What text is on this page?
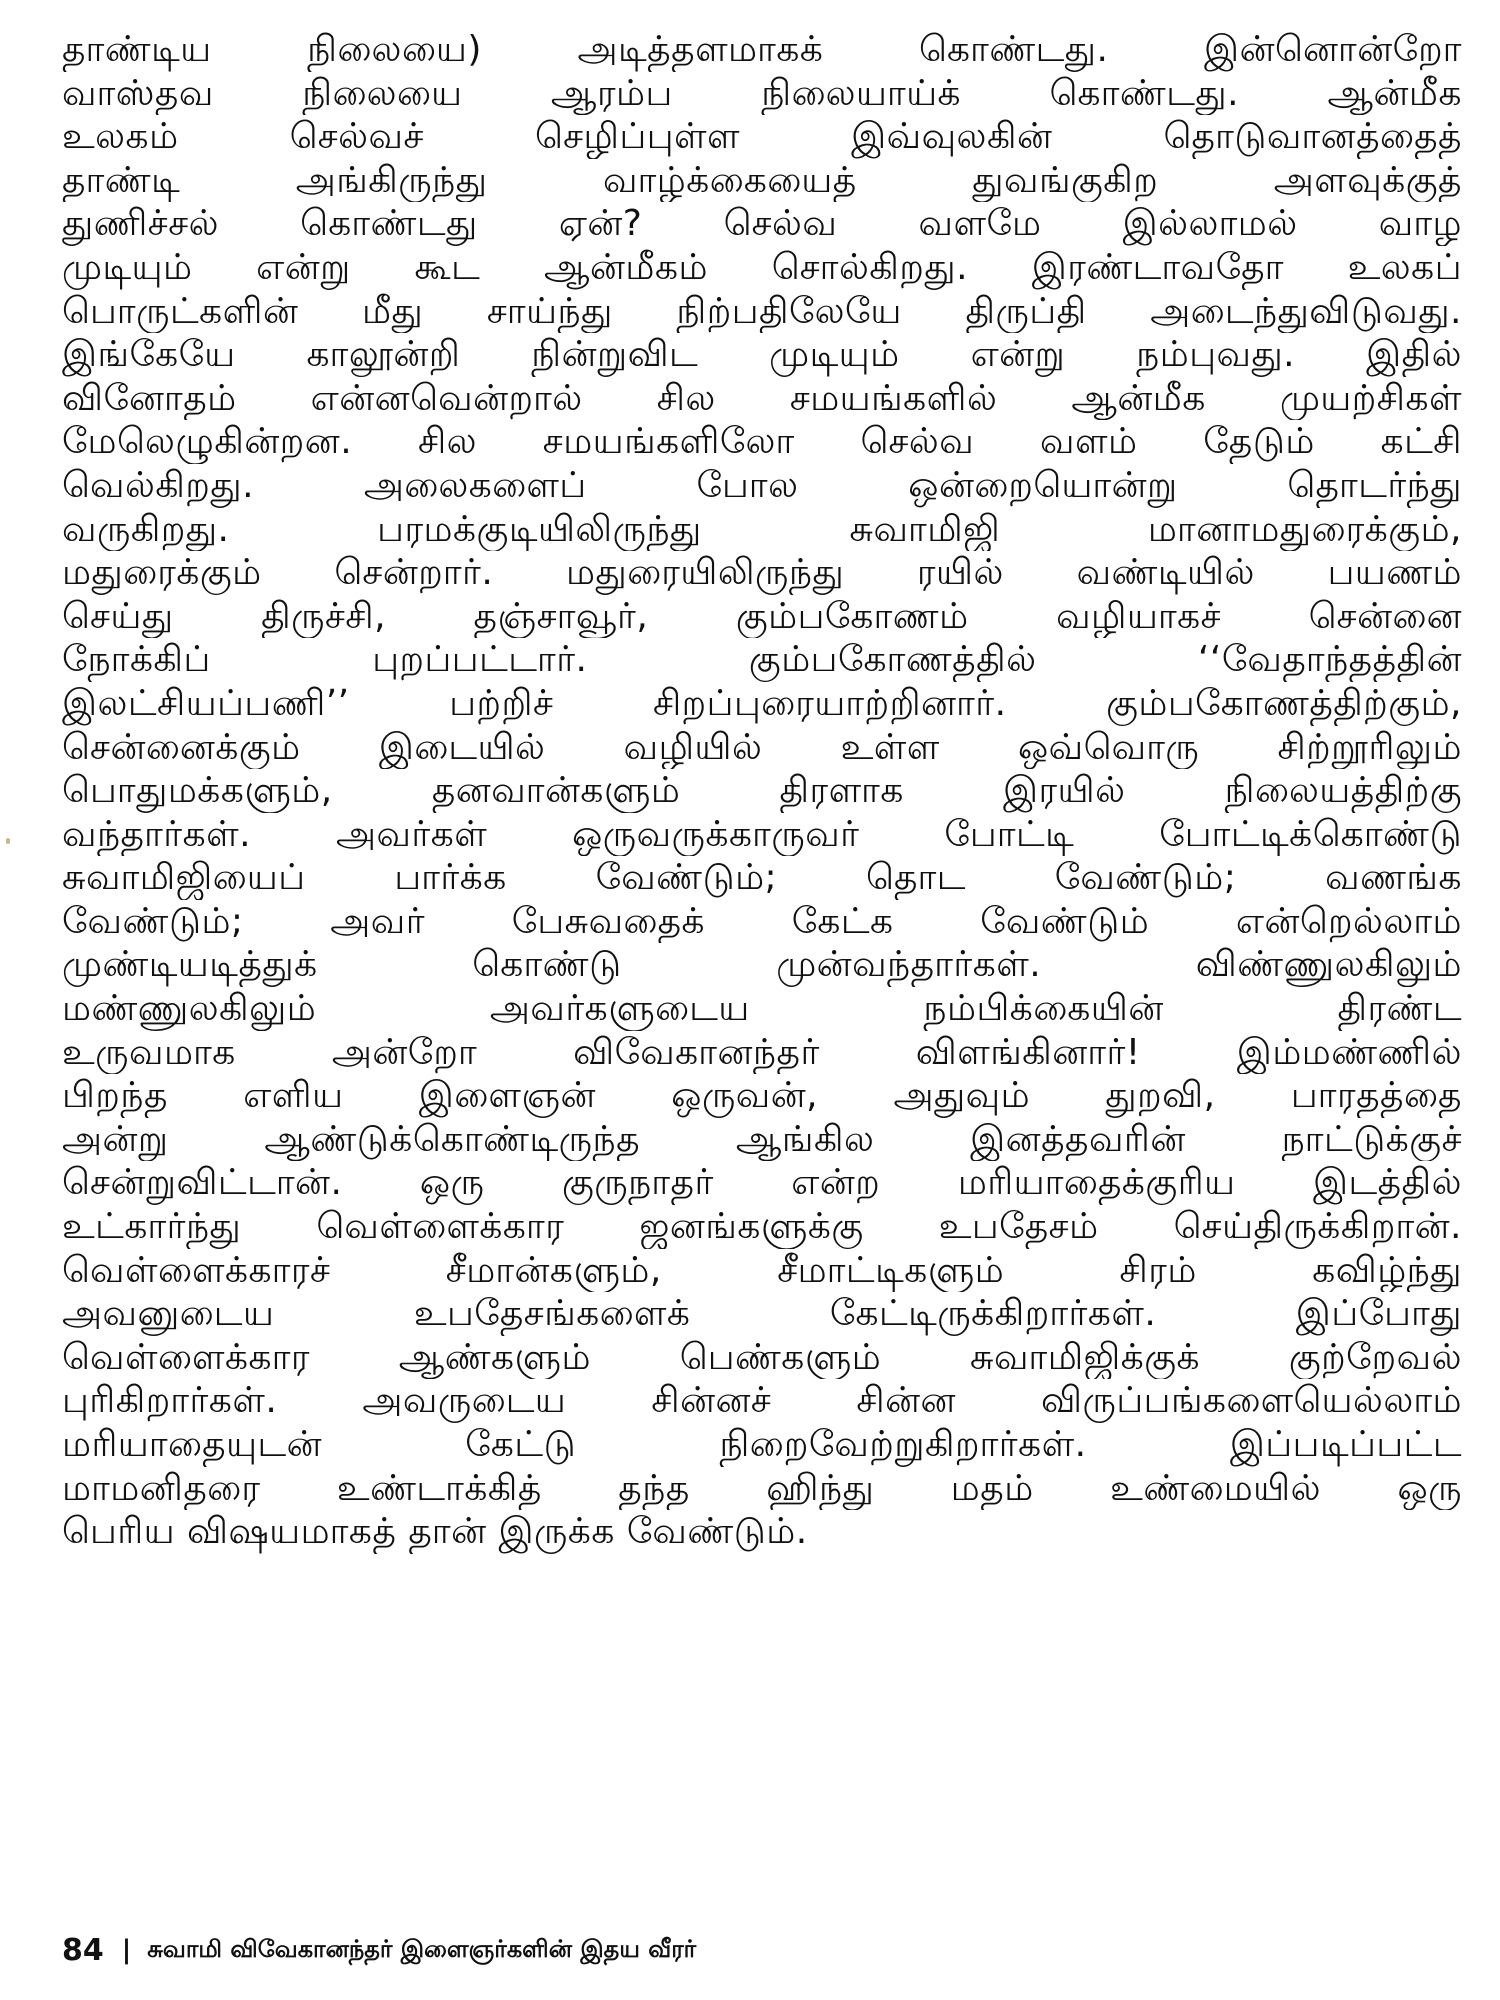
தாண்டிய நிலையை) அடித்தளமாகக் கொண்டது. இன்னொன்றோ
வாஸ்தவ நிலையை ஆரம்ப நிலையாய்க் கொண்டது. ஆன்மீக
உலகம் செல்வச் செழிப்புள்ள இவ்வுலகின் தொடுவானத்தைத்
தாண்டி அங்கிருந்து வாழ்க்கையைத் துவங்குகிற அளவுக்குத்
துணிச்சல் கொண்டது ஏன்? செல்வ வளமே இல்லாமல் வாழ
முடியும் என்று கூட ஆன்மீகம் சொல்கிறது. இரண்டாவதோ உலகப்
பொருட்களின் மீது சாய்ந்து நிற்பதிலேயே திருப்தி அடைந்துவிடுவது.
இங்கேயே காலூன்றி நின்றுவிட முடியும் என்று நம்புவது. இதில்
வினோதம் என்னவென்றால் சில சமயங்களில் ஆன்மீக முயற்சிகள்
மேலெழுகின்றன. சில சமயங்களிலோ செல்வ வளம் தேடும் கட்சி
வெல்கிறது. அலைகளைப் போல ஒன்றையொன்று தொடர்ந்து
வருகிறது. பரமக்குடியிலிருந்து சுவாமிஜி மானாமதுரைக்கும்,
மதுரைக்கும் சென்றார். மதுரையிலிருந்து ரயில் வண்டியில் பயணம்
செய்து திருச்சி, தஞ்சாவூர், கும்பகோணம் வழியாகச் சென்னை
நோக்கிப் புறப்பட்டார். கும்பகோணத்தில் ‘‘வேதாந்தத்தின்
இலட்சியப்பணி’’ பற்றிச் சிறப்புரையாற்றினார். கும்பகோணத்திற்கும்,
சென்னைக்கும் இடையில் வழியில் உள்ள ஒவ்வொரு சிற்றூரிலும்
பொதுமக்களும், தனவான்களும் திரளாக இரயில் நிலையத்திற்கு
வந்தார்கள். அவர்கள் ஒருவருக்காருவர் போட்டி போட்டிக்கொண்டு
சுவாமிஜியைப் பார்க்க வேண்டும்; தொட வேண்டும்; வணங்க
வேண்டும்; அவர் பேசுவதைக் கேட்க வேண்டும் என்றெல்லாம்
முண்டியடித்துக் கொண்டு முன்வந்தார்கள். விண்ணுலகிலும்
மண்ணுலகிலும் அவர்களுடைய நம்பிக்கையின் திரண்ட
உருவமாக அன்றோ விவேகானந்தர் விளங்கினார்! இம்மண்ணில்
பிறந்த எளிய இளைஞன் ஒருவன், அதுவும் துறவி, பாரதத்தை
அன்று ஆண்டுக்கொண்டிருந்த ஆங்கில இனத்தவரின் நாட்டுக்குச்
சென்றுவிட்டான். ஒரு குருநாதர் என்ற மரியாதைக்குரிய இடத்தில்
உட்கார்ந்து வெள்ளைக்கார ஜனங்களுக்கு உபதேசம் செய்திருக்கிறான்.
வெள்ளைக்காரச் சீமான்களும், சீமாட்டிகளும் சிரம் கவிழ்ந்து
அவனுடைய உபதேசங்களைக் கேட்டிருக்கிறார்கள். இப்போது
வெள்ளைக்கார ஆண்களும் பெண்களும் சுவாமிஜிக்குக் குற்றேவல்
புரிகிறார்கள். அவருடைய சின்னச் சின்ன விருப்பங்களையெல்லாம்
மரியாதையுடன் கேட்டு நிறைவேற்றுகிறார்கள். இப்படிப்பட்ட
மாமனிதரை உண்டாக்கித் தந்த ஹிந்து மதம் உண்மையில் ஒரு
பெரிய விஷயமாகத் தான் இருக்க வேண்டும்.
84 | சுவாமி விவேகானந்தர் இளைஞர்களின் இதய வீரர்
